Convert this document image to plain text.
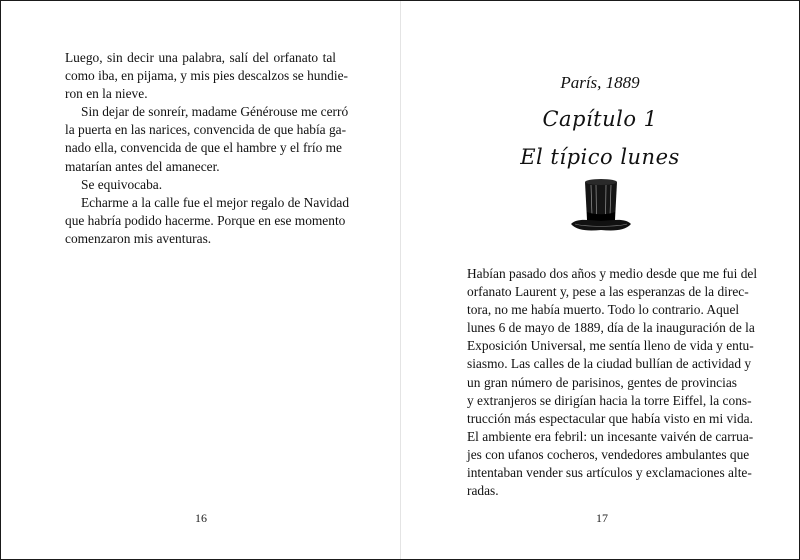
Luego, sin decir una palabra, salí del orfanato tal
como iba, en pijama, y mis pies descalzos se hundie-
ron en la nieve.
Sin dejar de sonreír, madame Générouse me cerró
la puerta en las narices, convencida de que había ga-
nado ella, convencida de que el hambre y el frío me
matarían antes del amanecer.
Se equivocaba.
Echarme a la calle fue el mejor regalo de Navidad
que habría podido hacerme. Porque en ese momento
comenzaron mis aventuras.
16
París, 1889
Capítulo 1
El típico lunes
Habían pasado dos años y medio desde que me fui del
orfanato Laurent y, pese a las esperanzas de la direc-
tora, no me había muerto. Todo lo contrario. Aquel
lunes 6 de mayo de 1889, día de la inauguración de la
Exposición Universal, me sentía lleno de vida y entu-
siasmo. Las calles de la ciudad bullían de actividad y
un gran número de parisinos, gentes de provincias
y extranjeros se dirigían hacia la torre Eiffel, la cons-
trucción más espectacular que había visto en mi vida.
El ambiente era febril: un incesante vaivén de carrua-
jes con ufanos cocheros, vendedores ambulantes que
intentaban vender sus artículos y exclamaciones alte-
radas.
17
